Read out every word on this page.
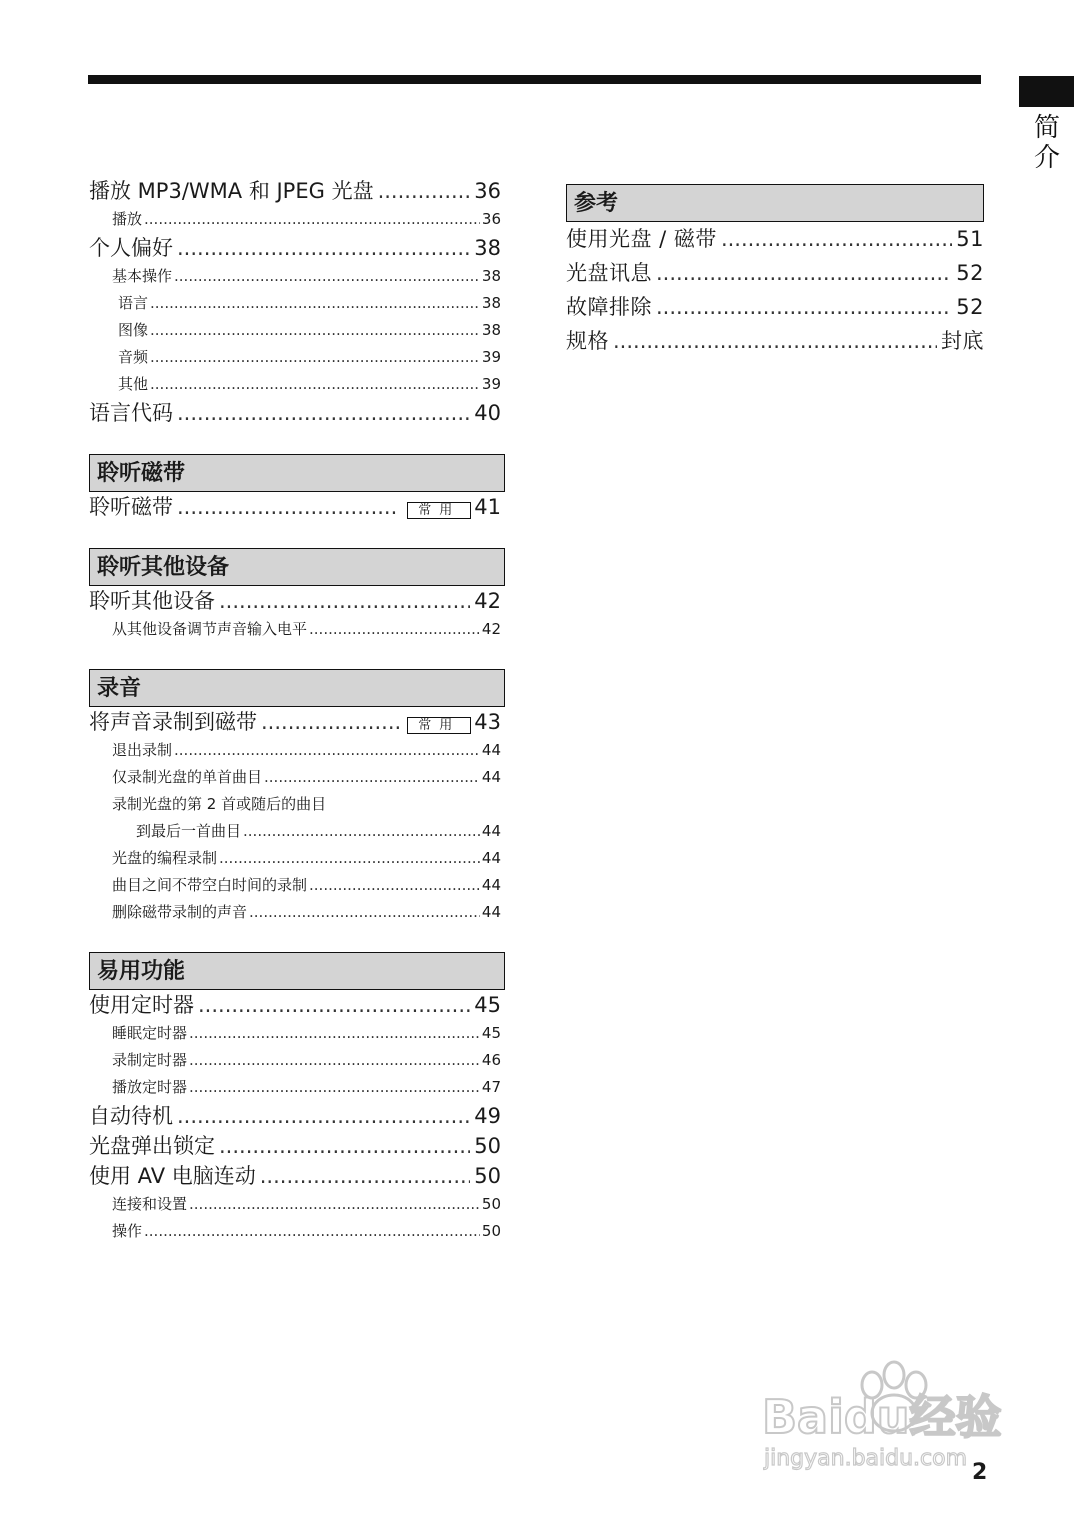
简介
播放 MP3/WMA 和 JPEG 光盘 .....	36
播放 .....	36
个人偏好 .....	38
基本操作 .....	38
语言 .....	38
图像 .....	38
音频 .....	39
其他 .....	39
语言代码 .....	40
聆听磁带
聆听磁带 .....	常用 41
聆听其他设备
聆听其他设备 .....	42
从其他设备调节声音输入电平 .....	42
录音
将声音录制到磁带 .....	常用 43
退出录制 .....	44
仅录制光盘的单首曲目 .....	44
录制光盘的第 2 首或随后的曲目
到最后一首曲目 .....	44
光盘的编程录制 .....	44
曲目之间不带空白时间的录制 .....	44
删除磁带录制的声音 .....	44
易用功能
使用定时器 .....	45
睡眠定时器 .....	45
录制定时器 .....	46
播放定时器 .....	47
自动待机 .....	49
光盘弹出锁定 .....	50
使用 AV 电脑连动 .....	50
连接和设置 .....	50
操作 .....	50
参考
使用光盘 / 磁带 .....	51
光盘讯息 .....	52
故障排除 .....	52
规格 .....	封底
Baidu经验
jingyan.baidu.com
2
